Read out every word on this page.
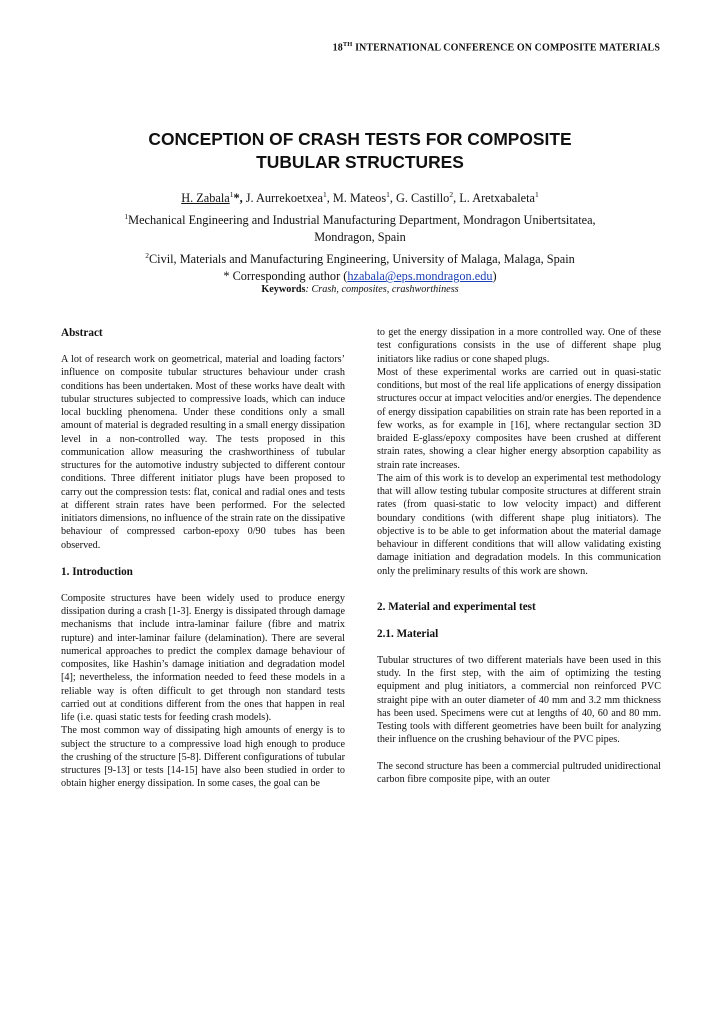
18TH INTERNATIONAL CONFERENCE ON COMPOSITE MATERIALS
CONCEPTION OF CRASH TESTS FOR COMPOSITE
TUBULAR STRUCTURES
H. Zabala$^1$*, J. Aurrekoetxea$^1$, M. Mateos$^1$, G. Castillo$^2$, L. Aretxabaleta$^1$
$^1$Mechanical Engineering and Industrial Manufacturing Department, Mondragon Unibertsitatea,
Mondragon, Spain
$^2$Civil, Materials and Manufacturing Engineering, University of Malaga, Malaga, Spain
* Corresponding author (hzabala@eps.mondragon.edu)
Keywords: Crash, composites, crashworthiness
Abstract

A lot of research work on geometrical, material and loading factors’ influence on composite tubular structures behaviour under crash conditions has been undertaken. Most of these works have dealt with tubular structures subjected to compressive loads, which can induce local buckling phenomena. Under these conditions only a small amount of material is degraded resulting in a small energy dissipation level in a non-controlled way. The tests proposed in this communication allow measuring the crashworthiness of tubular structures for the automotive industry subjected to different contour conditions. Three different initiator plugs have been proposed to carry out the compression tests: flat, conical and radial ones and tests at different strain rates have been performed. For the selected initiators dimensions, no influence of the strain rate on the dissipative behaviour of compressed carbon-epoxy 0/90 tubes has been observed.

1. Introduction

Composite structures have been widely used to produce energy dissipation during a crash [1-3]. Energy is dissipated through damage mechanisms that include intra-laminar failure (fibre and matrix rupture) and inter-laminar failure (delamination). There are several numerical approaches to predict the complex damage behaviour of composites, like Hashin’s damage initiation and degradation model [4]; nevertheless, the information needed to feed these models in a reliable way is often difficult to get through non standard tests carried out at conditions different from the ones that happen in real life (i.e. quasi static tests for feeding crash models).

The most common way of dissipating high amounts of energy is to subject the structure to a compressive load high enough to produce the crushing of the structure [5-8]. Different configurations of tubular structures [9-13] or tests [14-15] have also been studied in order to obtain higher energy dissipation. In some cases, the goal can be

to get the energy dissipation in a more controlled way. One of these test configurations consists in the use of different shape plug initiators like radius or cone shaped plugs.

Most of these experimental works are carried out in quasi-static conditions, but most of the real life applications of energy dissipation structures occur at impact velocities and/or energies. The dependence of energy dissipation capabilities on strain rate has been reported in a few works, as for example in [16], where rectangular section 3D braided E-glass/epoxy composites have been crushed at different strain rates, showing a clear higher energy absorption capability as strain rate increases.

The aim of this work is to develop an experimental test methodology that will allow testing tubular composite structures at different strain rates (from quasi-static to low velocity impact) and different boundary conditions (with different shape plug initiators). The objective is to be able to get information about the material damage behaviour in different conditions that will allow validating existing damage initiation and degradation models. In this communication only the preliminary results of this work are shown.

2. Material and experimental test
2.1. Material

Tubular structures of two different materials have been used in this study. In the first step, with the aim of optimizing the testing equipment and plug initiators, a commercial non reinforced PVC straight pipe with an outer diameter of 40 mm and 3.2 mm thickness has been used. Specimens were cut at lengths of 40, 60 and 80 mm. Testing tools with different geometries have been built for analyzing their influence on the crushing behaviour of the PVC pipes.

The second structure has been a commercial pultruded unidirectional carbon fibre composite pipe, with an outer
